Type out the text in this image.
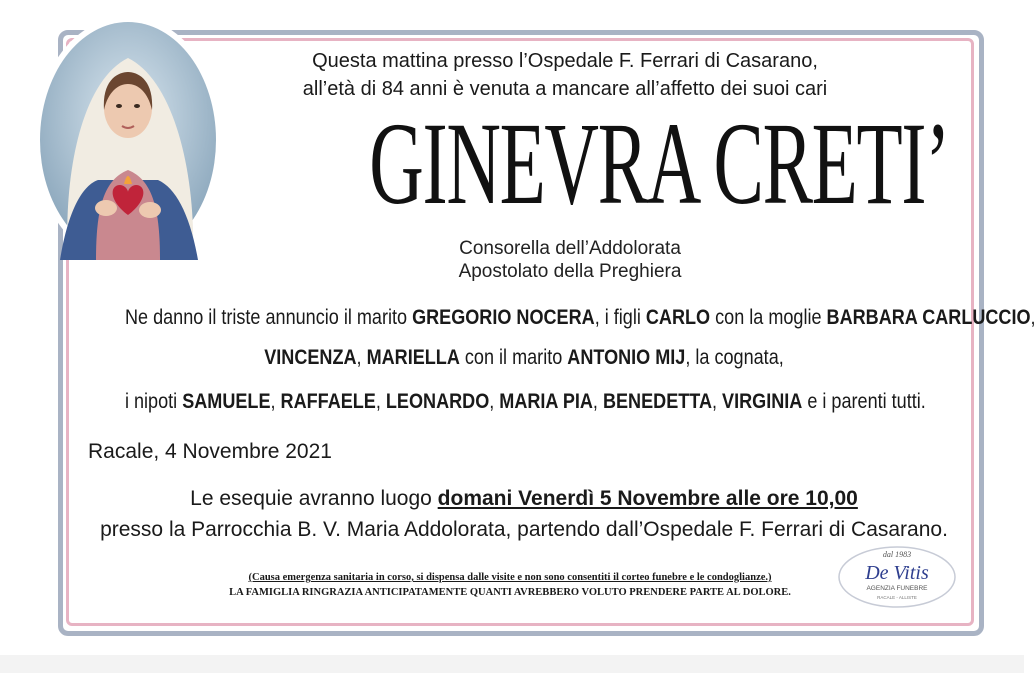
Questa mattina presso l’Ospedale F. Ferrari di Casarano,

all’età di 84 anni è venuta a mancare all’affetto dei suoi cari

GINEVRA CRETI’

Consorella dell’Addolorata

Apostolato della Preghiera

Ne danno il triste annuncio il marito GREGORIO NOCERA, i figli CARLO con la moglie BARBARA CARLUCCIO,

VINCENZA, MARIELLA con il marito ANTONIO MIJ, la cognata,

i nipoti SAMUELE, RAFFAELE, LEONARDO, MARIA PIA, BENEDETTA, VIRGINIA e i parenti tutti.

Racale, 4 Novembre 2021

Le esequie avranno luogo domani Venerdì 5 Novembre alle ore 10,00

presso la Parrocchia B. V. Maria Addolorata, partendo dall’Ospedale F. Ferrari di Casarano.

(Causa emergenza sanitaria in corso, si dispensa dalle visite e non sono consentiti il corteo funebre e le condoglianze.)

LA FAMIGLIA RINGRAZIA ANTICIPATAMENTE QUANTI AVREBBERO VOLUTO PRENDERE PARTE AL DOLORE.

dal 1983
De Vitis
AGENZIA FUNEBRE
RACALE - ALLISTE
